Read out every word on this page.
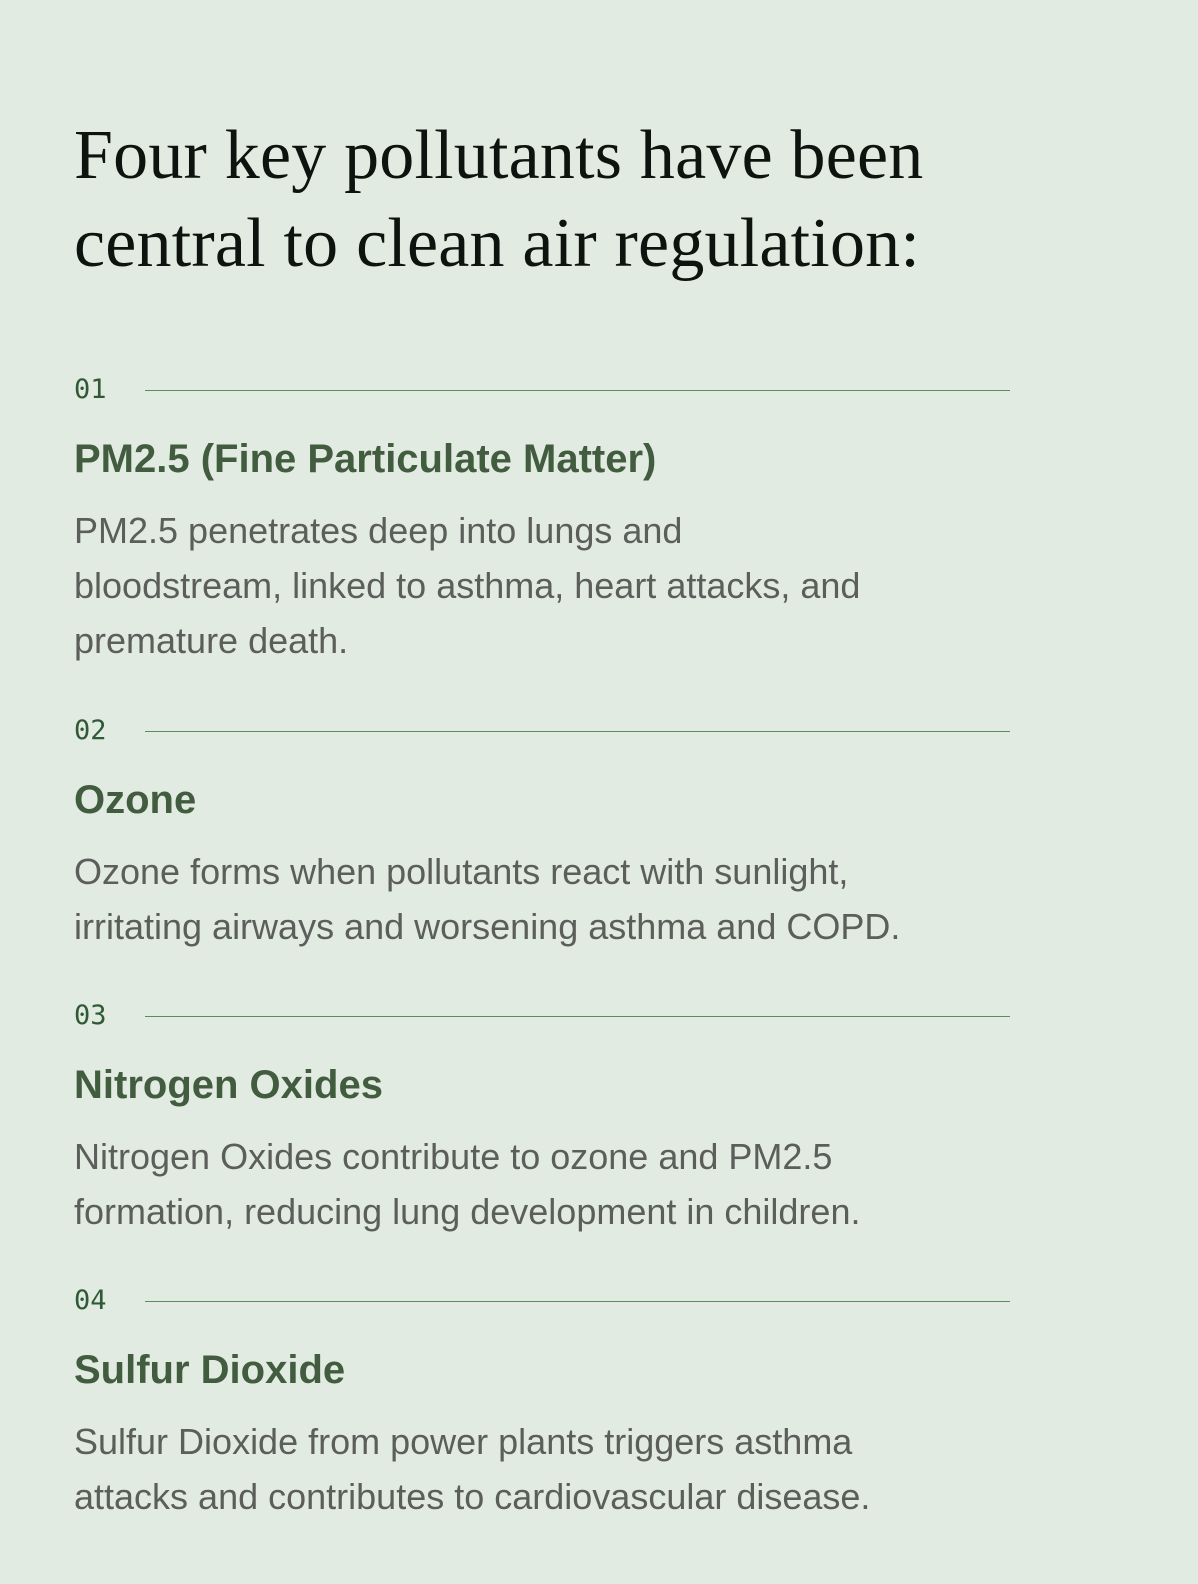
Four key pollutants have been
central to clean air regulation:
01
PM2.5 (Fine Particulate Matter)

PM2.5 penetrates deep into lungs and
bloodstream, linked to asthma, heart attacks, and
premature death.

02
Ozone

Ozone forms when pollutants react with sunlight,
irritating airways and worsening asthma and COPD.

03
Nitrogen Oxides

Nitrogen Oxides contribute to ozone and PM2.5
formation, reducing lung development in children.

04
Sulfur Dioxide

Sulfur Dioxide from power plants triggers asthma
attacks and contributes to cardiovascular disease.
